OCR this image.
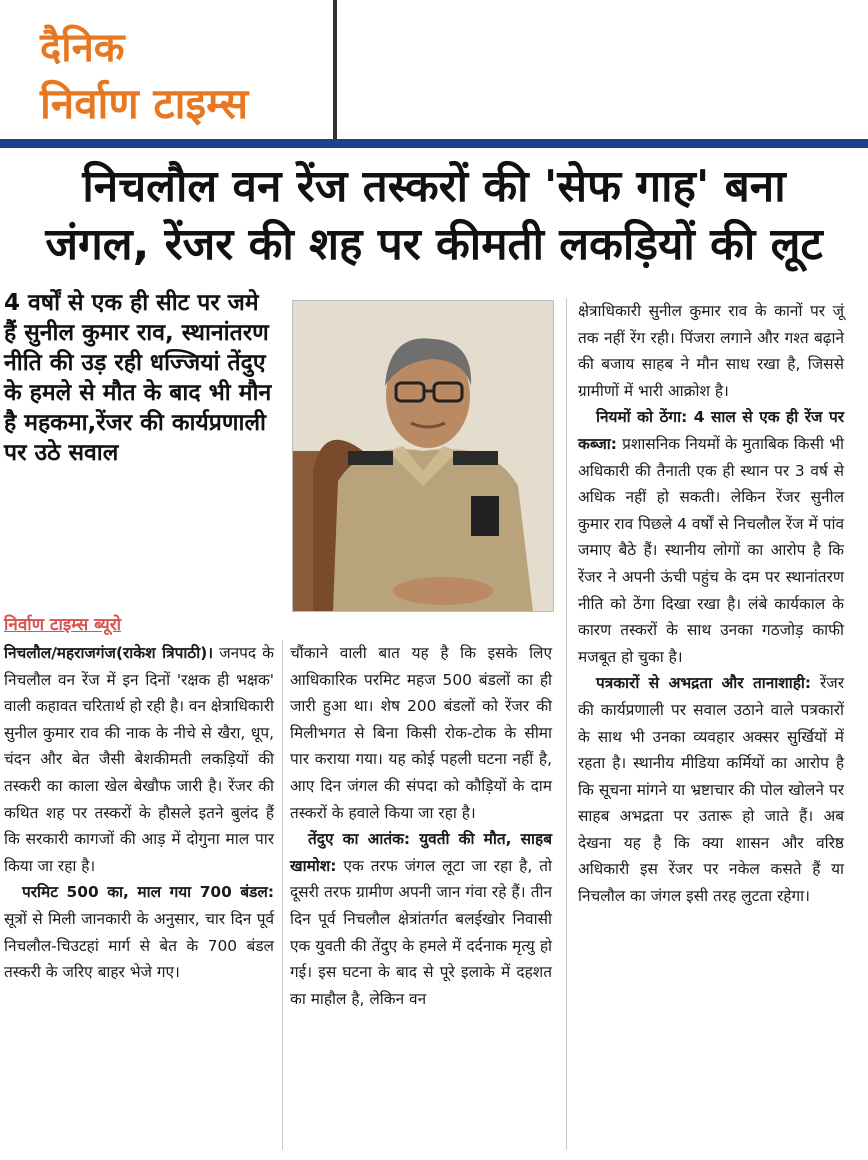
दैनिक
निर्वाण टाइम्स
निचलौल वन रेंज तस्करों की 'सेफ गाह' बना
जंगल, रेंजर की शह पर कीमती लकड़ियों की लूट
4 वर्षों से एक ही सीट पर जमे हैं सुनील कुमार राव, स्थानांतरण नीति की उड़ रही धज्जियां तेंदुए के हमले से मौत के बाद भी मौन है महकमा,रेंजर की कार्यप्रणाली पर उठे सवाल
निर्वाण टाइम्स ब्यूरो

निचलौल/महराजगंज(राकेश त्रिपाठी)। जनपद के निचलौल वन रेंज में इन दिनों 'रक्षक ही भक्षक' वाली कहावत चरितार्थ हो रही है। वन क्षेत्राधिकारी सुनील कुमार राव की नाक के नीचे से खैरा, धूप, चंदन और बेत जैसी बेशकीमती लकड़ियों की तस्करी का काला खेल बेखौफ जारी है। रेंजर की कथित शह पर तस्करों के हौसले इतने बुलंद हैं कि सरकारी कागजों की आड़ में दोगुना माल पार किया जा रहा है।

परमिट 500 का, माल गया 700 बंडल: सूत्रों से मिली जानकारी के अनुसार, चार दिन पूर्व निचलौल-चिउटहां मार्ग से बेत के 700 बंडल तस्करी के जरिए बाहर भेजे गए।

चौंकाने वाली बात यह है कि इसके लिए आधिकारिक परमिट महज 500 बंडलों का ही जारी हुआ था। शेष 200 बंडलों को रेंजर की मिलीभगत से बिना किसी रोक-टोक के सीमा पार कराया गया। यह कोई पहली घटना नहीं है, आए दिन जंगल की संपदा को कौड़ियों के दाम तस्करों के हवाले किया जा रहा है।

तेंदुए का आतंक: युवती की मौत, साहब खामोश: एक तरफ जंगल लूटा जा रहा है, तो दूसरी तरफ ग्रामीण अपनी जान गंवा रहे हैं। तीन दिन पूर्व निचलौल क्षेत्रांतर्गत बलईखोर निवासी एक युवती की तेंदुए के हमले में दर्दनाक मृत्यु हो गई। इस घटना के बाद से पूरे इलाके में दहशत का माहौल है, लेकिन वन

क्षेत्राधिकारी सुनील कुमार राव के कानों पर जूं तक नहीं रेंग रही। पिंजरा लगाने और गश्त बढ़ाने की बजाय साहब ने मौन साध रखा है, जिससे ग्रामीणों में भारी आक्रोश है।

नियमों को ठेंगा: 4 साल से एक ही रेंज पर कब्जा: प्रशासनिक नियमों के मुताबिक किसी भी अधिकारी की तैनाती एक ही स्थान पर 3 वर्ष से अधिक नहीं हो सकती। लेकिन रेंजर सुनील कुमार राव पिछले 4 वर्षों से निचलौल रेंज में पांव जमाए बैठे हैं। स्थानीय लोगों का आरोप है कि रेंजर ने अपनी ऊंची पहुंच के दम पर स्थानांतरण नीति को ठेंगा दिखा रखा है। लंबे कार्यकाल के कारण तस्करों के साथ उनका गठजोड़ काफी मजबूत हो चुका है।

पत्रकारों से अभद्रता और तानाशाही: रेंजर की कार्यप्रणाली पर सवाल उठाने वाले पत्रकारों के साथ भी उनका व्यवहार अक्सर सुर्खियों में रहता है। स्थानीय मीडिया कर्मियों का आरोप है कि सूचना मांगने या भ्रष्टाचार की पोल खोलने पर साहब अभद्रता पर उतारू हो जाते हैं। अब देखना यह है कि क्या शासन और वरिष्ठ अधिकारी इस रेंजर पर नकेल कसते हैं या निचलौल का जंगल इसी तरह लुटता रहेगा।
